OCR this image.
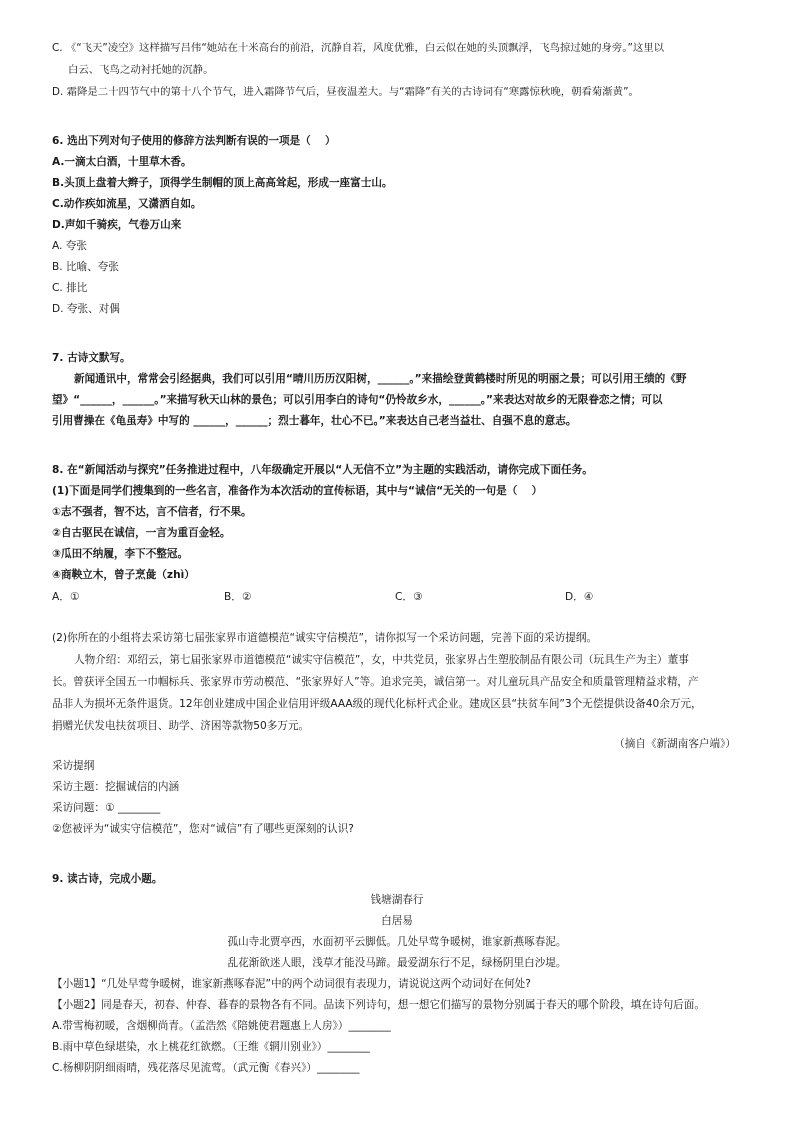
C. 《“飞天”凌空》这样描写吕伟“她站在十米高台的前沿，沉静自若，风度优雅，白云似在她的头顶飘浮，飞鸟掠过她的身旁。”这里以
白云、飞鸟之动衬托她的沉静。
D. 霜降是二十四节气中的第十八个节气，进入霜降节气后，昼夜温差大。与“霜降”有关的古诗词有“寒露惊秋晚，朝看菊渐黄”。
6. 选出下列对句子使用的修辞方法判断有误的一项是（　 ）
A.一滴太白酒，十里草木香。
B.头顶上盘着大辫子，顶得学生制帽的顶上高高耸起，形成一座富士山。
C.动作疾如流星，又潇洒自如。
D.声如千骑疾，气卷万山来
A. 夸张
B. 比喻、夸张
C. 排比
D. 夸张、对偶
7. 古诗文默写。
新闻通讯中，常常会引经据典，我们可以引用“晴川历历汉阳树，______。”来描绘登黄鹤楼时所见的明丽之景；可以引用王绩的《野
望》“______，______。”来描写秋天山林的景色；可以引用李白的诗句“仍怜故乡水，______。”来表达对故乡的无限眷恋之情；可以
引用曹操在《龟虽寿》中写的 ______，______；烈士暮年，壮心不已。”来表达自己老当益壮、自强不息的意志。
8. 在“新闻活动与探究”任务推进过程中，八年级确定开展以“人无信不立”为主题的实践活动，请你完成下面任务。
(1)下面是同学们搜集到的一些名言，准备作为本次活动的宣传标语，其中与“诚信“无关的一句是（　 ）
①志不强者，智不达，言不信者，行不果。
②自古驱民在诚信，一言为重百金轻。
③瓜田不纳履，李下不整冠。
④商鞅立木，曾子烹彘（zhì）
A．①	B．②	C．③	D．④
(2)你所在的小组将去采访第七届张家界市道德模范“诚实守信模范”，请你拟写一个采访问题，完善下面的采访提纲。
人物介绍：邓绍云，第七届张家界市道德模范“诚实守信模范”，女，中共党员，张家界占生塑胶制品有限公司（玩具生产为主）董事
长。曾获评全国五一巾帼标兵、张家界市劳动模范、“张家界好人”等。追求完美，诚信第一。对儿童玩具产品安全和质量管理精益求精，产
品非人为损坏无条件退货。12年创业建成中国企业信用评级AAA级的现代化标杆式企业。建成区县“扶贫车间”3个无偿提供设备40余万元，
捐赠光伏发电扶贫项目、助学、济困等款物50多万元。
（摘自《新湖南客户端》）
采访提纲
采访主题：挖掘诚信的内涵
采访问题：① ________
②您被评为“诚实守信模范”，您对“诚信”有了哪些更深刻的认识?
9. 读古诗，完成小题。
钱塘湖春行
白居易
孤山寺北贾亭西，水面初平云脚低。几处早莺争暖树，谁家新燕啄春泥。
乱花渐欲迷人眼，浅草才能没马蹄。最爱湖东行不足，绿杨阴里白沙堤。
【小题1】“几处早莺争暖树，谁家新燕啄春泥”中的两个动词很有表现力，请说说这两个动词好在何处?
【小题2】同是春天，初春、仲春、暮春的景物各有不同。品读下列诗句，想一想它们描写的景物分别属于春天的哪个阶段，填在诗句后面。
A.带雪梅初暖，含烟柳尚青。（孟浩然《陪姚使君题惠上人房》）________
B.雨中草色绿堪染，水上桃花红欲燃。（王维《辋川别业》）________
C.杨柳阴阴细雨晴，残花落尽见流莺。（武元衡《春兴》）________
